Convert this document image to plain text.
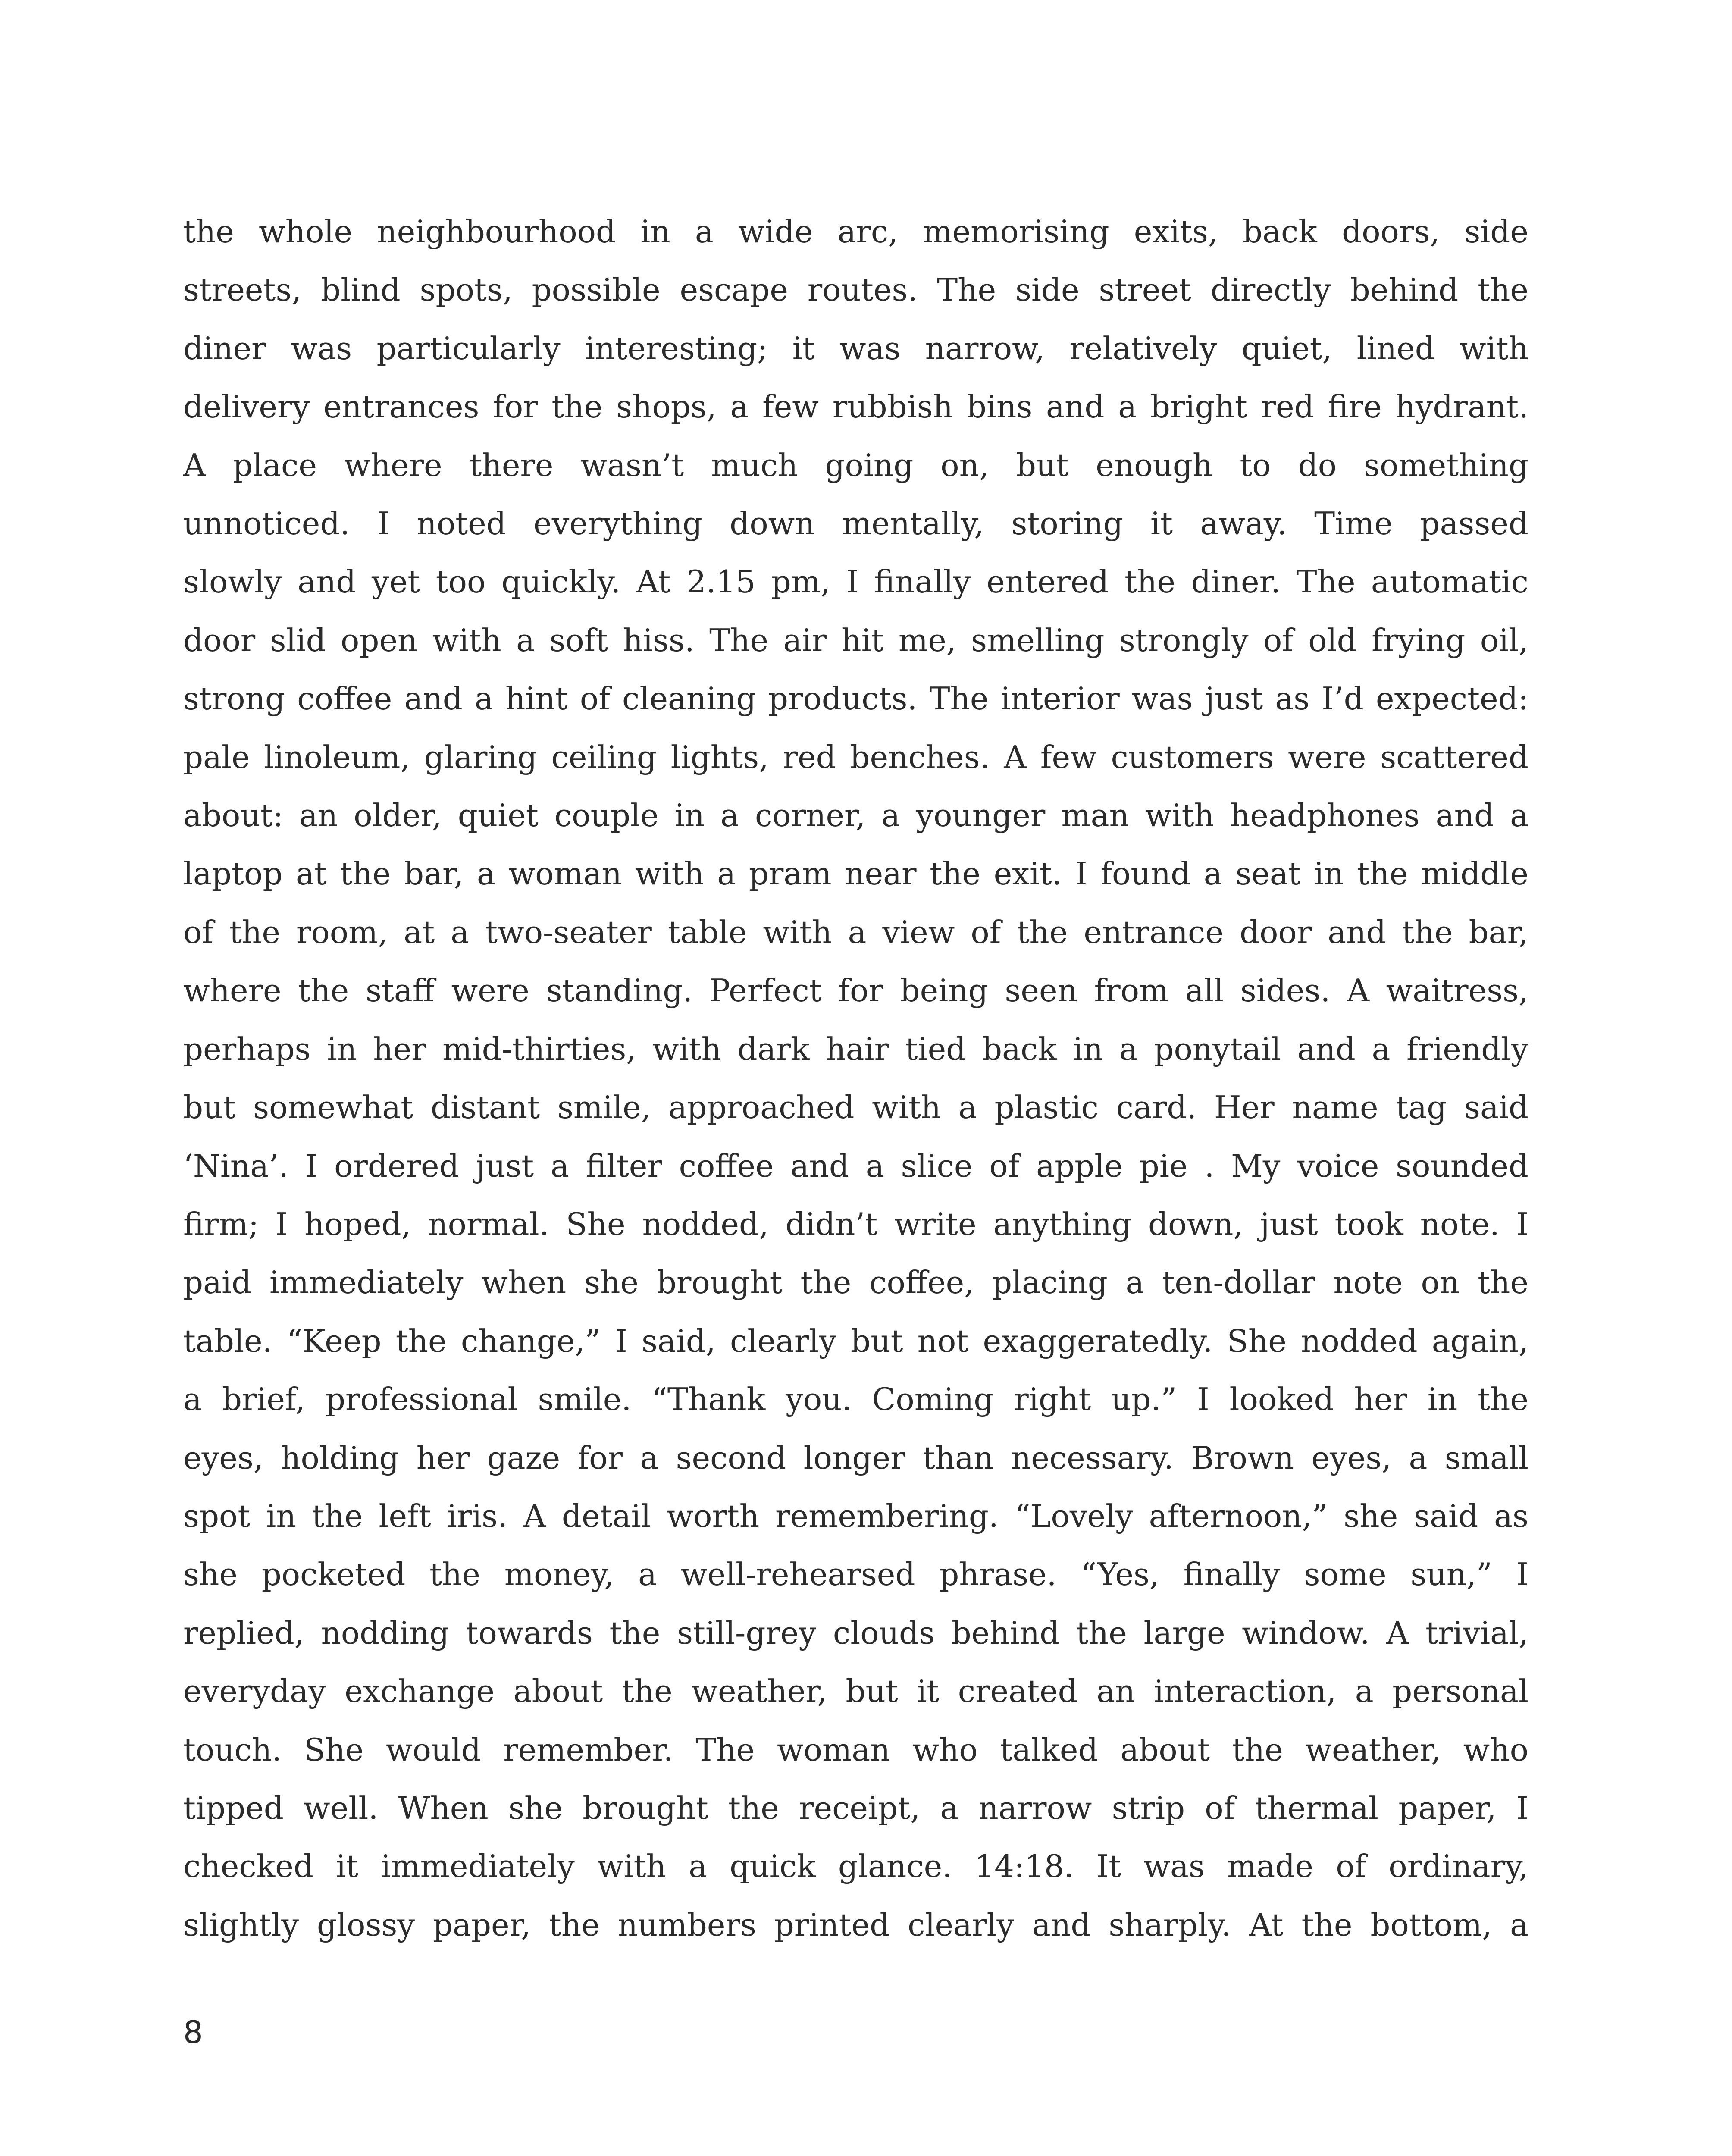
the whole neighbourhood in a wide arc, memorising exits, back doors, side
streets, blind spots, possible escape routes. The side street directly behind the
diner was particularly interesting; it was narrow, relatively quiet, lined with
delivery entrances for the shops, a few rubbish bins and a bright red fire hydrant.
A place where there wasn’t much going on, but enough to do something
unnoticed. I noted everything down mentally, storing it away. Time passed
slowly and yet too quickly. At 2.15 pm, I finally entered the diner. The automatic
door slid open with a soft hiss. The air hit me, smelling strongly of old frying oil,
strong coffee and a hint of cleaning products. The interior was just as I’d expected:
pale linoleum, glaring ceiling lights, red benches. A few customers were scattered
about: an older, quiet couple in a corner, a younger man with headphones and a
laptop at the bar, a woman with a pram near the exit. I found a seat in the middle
of the room, at a two-seater table with a view of the entrance door and the bar,
where the staff were standing. Perfect for being seen from all sides. A waitress,
perhaps in her mid-thirties, with dark hair tied back in a ponytail and a friendly
but somewhat distant smile, approached with a plastic card. Her name tag said
‘Nina’. I ordered just a filter coffee and a slice of apple pie . My voice sounded
firm; I hoped, normal. She nodded, didn’t write anything down, just took note. I
paid immediately when she brought the coffee, placing a ten-dollar note on the
table. “Keep the change,” I said, clearly but not exaggeratedly. She nodded again,
a brief, professional smile. “Thank you. Coming right up.” I looked her in the
eyes, holding her gaze for a second longer than necessary. Brown eyes, a small
spot in the left iris. A detail worth remembering. “Lovely afternoon,” she said as
she pocketed the money, a well-rehearsed phrase. “Yes, finally some sun,” I
replied, nodding towards the still-grey clouds behind the large window. A trivial,
everyday exchange about the weather, but it created an interaction, a personal
touch. She would remember. The woman who talked about the weather, who
tipped well. When she brought the receipt, a narrow strip of thermal paper, I
checked it immediately with a quick glance. 14:18. It was made of ordinary,
slightly glossy paper, the numbers printed clearly and sharply. At the bottom, a
8
